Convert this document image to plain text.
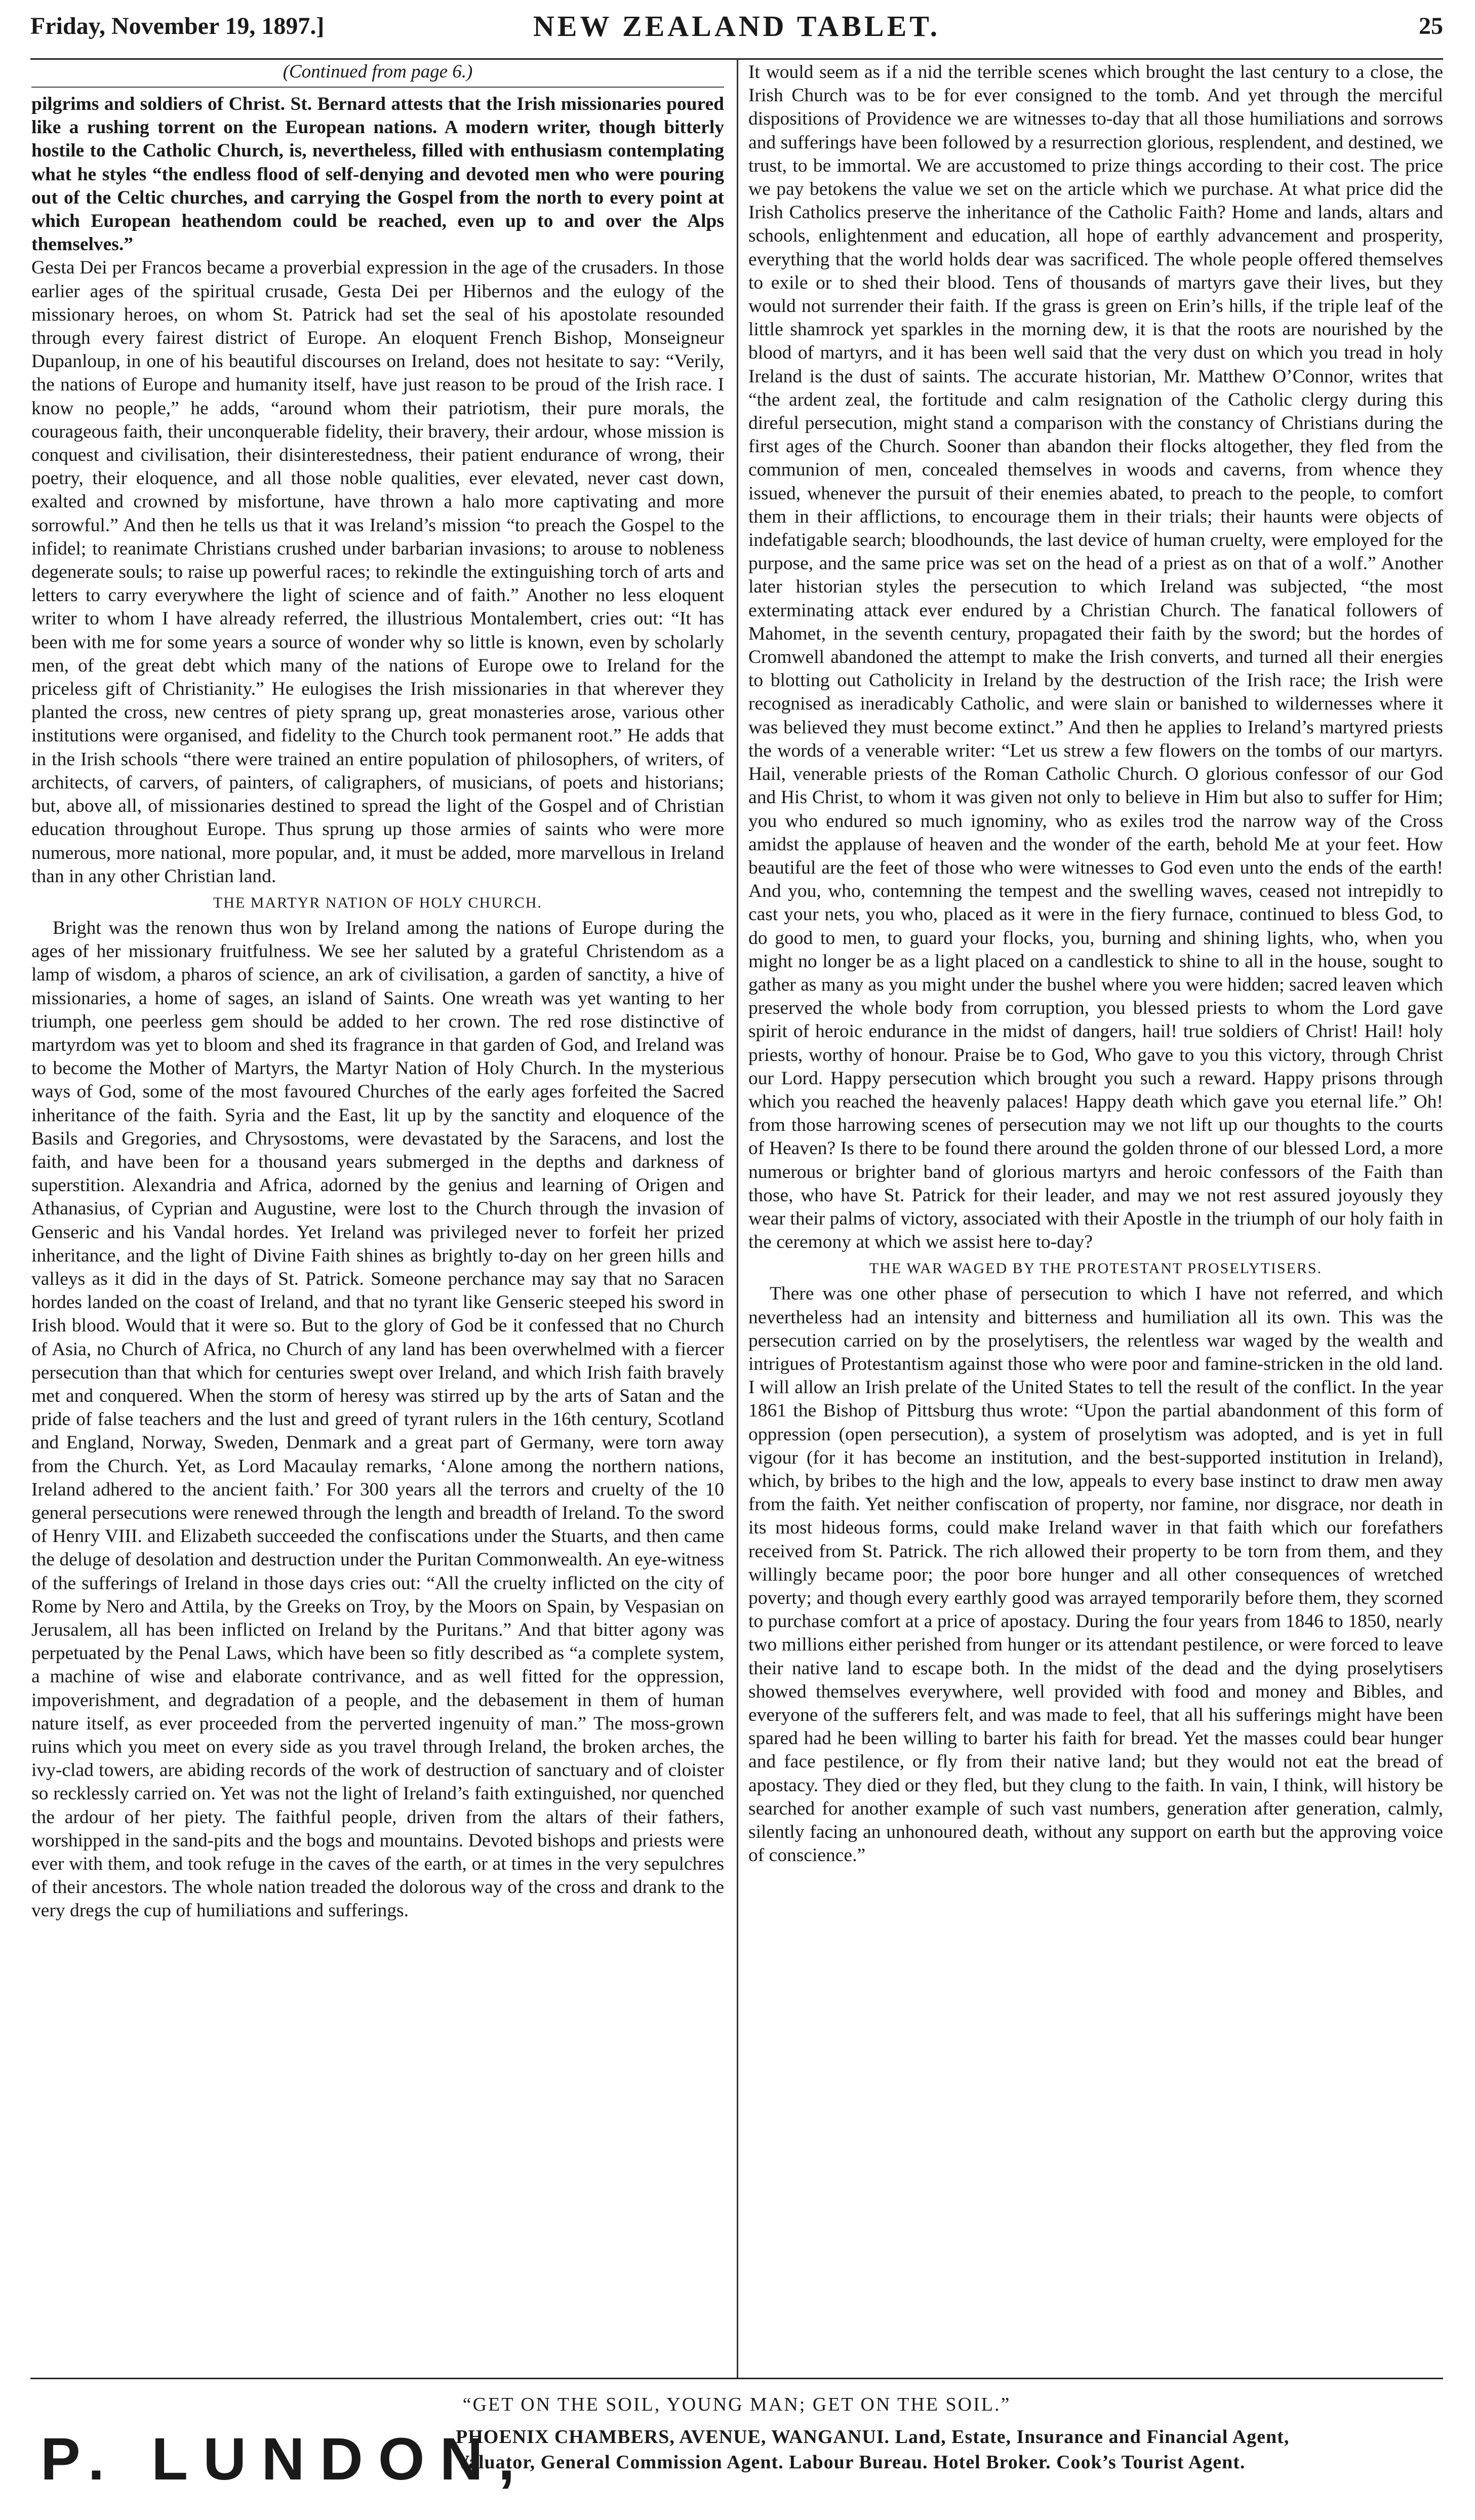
Friday, November 19, 1897.]	NEW ZEALAND TABLET.	25
(Continued from page 6.)

pilgrims and soldiers of Christ. St. Bernard attests that the Irish missionaries poured like a rushing torrent on the European nations. A modern writer, though bitterly hostile to the Catholic Church, is, nevertheless, filled with enthusiasm contemplating what he styles “the endless flood of self-denying and devoted men who were pouring out of the Celtic churches, and carrying the Gospel from the north to every point at which European heathendom could be reached, even up to and over the Alps themselves.”

Gesta Dei per Francos became a proverbial expression in the age of the crusaders. In those earlier ages of the spiritual crusade, Gesta Dei per Hibernos and the eulogy of the missionary heroes, on whom St. Patrick had set the seal of his apostolate resounded through every fairest district of Europe. An eloquent French Bishop, Monseigneur Dupanloup, in one of his beautiful discourses on Ireland, does not hesitate to say: “Verily, the nations of Europe and humanity itself, have just reason to be proud of the Irish race. I know no people,” he adds, “around whom their patriotism, their pure morals, the courageous faith, their unconquerable fidelity, their bravery, their ardour, whose mission is conquest and civilisation, their disinterestedness, their patient endurance of wrong, their poetry, their eloquence, and all those noble qualities, ever elevated, never cast down, exalted and crowned by misfortune, have thrown a halo more captivating and more sorrowful.” And then he tells us that it was Ireland’s mission “to preach the Gospel to the infidel; to reanimate Christians crushed under barbarian invasions; to arouse to nobleness degenerate souls; to raise up powerful races; to rekindle the extinguishing torch of arts and letters to carry everywhere the light of science and of faith.” Another no less eloquent writer to whom I have already referred, the illustrious Montalembert, cries out: “It has been with me for some years a source of wonder why so little is known, even by scholarly men, of the great debt which many of the nations of Europe owe to Ireland for the priceless gift of Christianity.” He eulogises the Irish missionaries in that wherever they planted the cross, new centres of piety sprang up, great monasteries arose, various other institutions were organised, and fidelity to the Church took permanent root.” He adds that in the Irish schools “there were trained an entire population of philosophers, of writers, of architects, of carvers, of painters, of caligraphers, of musicians, of poets and historians; but, above all, of missionaries destined to spread the light of the Gospel and of Christian education throughout Europe. Thus sprung up those armies of saints who were more numerous, more national, more popular, and, it must be added, more marvellous in Ireland than in any other Christian land.

THE MARTYR NATION OF HOLY CHURCH.

Bright was the renown thus won by Ireland among the nations of Europe during the ages of her missionary fruitfulness. We see her saluted by a grateful Christendom as a lamp of wisdom, a pharos of science, an ark of civilisation, a garden of sanctity, a hive of missionaries, a home of sages, an island of Saints. One wreath was yet wanting to her triumph, one peerless gem should be added to her crown. The red rose distinctive of martyrdom was yet to bloom and shed its fragrance in that garden of God, and Ireland was to become the Mother of Martyrs, the Martyr Nation of Holy Church. In the mysterious ways of God, some of the most favoured Churches of the early ages forfeited the Sacred inheritance of the faith. Syria and the East, lit up by the sanctity and eloquence of the Basils and Gregories, and Chrysostoms, were devastated by the Saracens, and lost the faith, and have been for a thousand years submerged in the depths and darkness of superstition. Alexandria and Africa, adorned by the genius and learning of Origen and Athanasius, of Cyprian and Augustine, were lost to the Church through the invasion of Genseric and his Vandal hordes. Yet Ireland was privileged never to forfeit her prized inheritance, and the light of Divine Faith shines as brightly to-day on her green hills and valleys as it did in the days of St. Patrick. Someone perchance may say that no Saracen hordes landed on the coast of Ireland, and that no tyrant like Genseric steeped his sword in Irish blood. Would that it were so. But to the glory of God be it confessed that no Church of Asia, no Church of Africa, no Church of any land has been overwhelmed with a fiercer persecution than that which for centuries swept over Ireland, and which Irish faith bravely met and conquered. When the storm of heresy was stirred up by the arts of Satan and the pride of false teachers and the lust and greed of tyrant rulers in the 16th century, Scotland and England, Norway, Sweden, Denmark and a great part of Germany, were torn away from the Church. Yet, as Lord Macaulay remarks, ‘Alone among the northern nations, Ireland adhered to the ancient faith.’ For 300 years all the terrors and cruelty of the 10 general persecutions were renewed through the length and breadth of Ireland. To the sword of Henry VIII. and Elizabeth succeeded the confiscations under the Stuarts, and then came the deluge of desolation and destruction under the Puritan Commonwealth. An eye-witness of the sufferings of Ireland in those days cries out: “All the cruelty inflicted on the city of Rome by Nero and Attila, by the Greeks on Troy, by the Moors on Spain, by Vespasian on Jerusalem, all has been inflicted on Ireland by the Puritans.” And that bitter agony was perpetuated by the Penal Laws, which have been so fitly described as “a complete system, a machine of wise and elaborate contrivance, and as well fitted for the oppression, impoverishment, and degradation of a people, and the debasement in them of human nature itself, as ever proceeded from the perverted ingenuity of man.” The moss-grown ruins which you meet on every side as you travel through Ireland, the broken arches, the ivy-clad towers, are abiding records of the work of destruction of sanctuary and of cloister so recklessly carried on. Yet was not the light of Ireland’s faith extinguished, nor quenched the ardour of her piety. The faithful people, driven from the altars of their fathers, worshipped in the sand-pits and the bogs and mountains. Devoted bishops and priests were ever with them, and took refuge in the caves of the earth, or at times in the very sepulchres of their ancestors. The whole nation treaded the dolorous way of the cross and drank to the very dregs the cup of humiliations and sufferings.

It would seem as if a nid the terrible scenes which brought the last century to a close, the Irish Church was to be for ever consigned to the tomb. And yet through the merciful dispositions of Providence we are witnesses to-day that all those humiliations and sorrows and sufferings have been followed by a resurrection glorious, resplendent, and destined, we trust, to be immortal. We are accustomed to prize things according to their cost. The price we pay betokens the value we set on the article which we purchase. At what price did the Irish Catholics preserve the inheritance of the Catholic Faith? Home and lands, altars and schools, enlightenment and education, all hope of earthly advancement and prosperity, everything that the world holds dear was sacrificed. The whole people offered themselves to exile or to shed their blood. Tens of thousands of martyrs gave their lives, but they would not surrender their faith. If the grass is green on Erin’s hills, if the triple leaf of the little shamrock yet sparkles in the morning dew, it is that the roots are nourished by the blood of martyrs, and it has been well said that the very dust on which you tread in holy Ireland is the dust of saints. The accurate historian, Mr. Matthew O’Connor, writes that “the ardent zeal, the fortitude and calm resignation of the Catholic clergy during this direful persecution, might stand a comparison with the constancy of Christians during the first ages of the Church. Sooner than abandon their flocks altogether, they fled from the communion of men, concealed themselves in woods and caverns, from whence they issued, whenever the pursuit of their enemies abated, to preach to the people, to comfort them in their afflictions, to encourage them in their trials; their haunts were objects of indefatigable search; bloodhounds, the last device of human cruelty, were employed for the purpose, and the same price was set on the head of a priest as on that of a wolf.” Another later historian styles the persecution to which Ireland was subjected, “the most exterminating attack ever endured by a Christian Church. The fanatical followers of Mahomet, in the seventh century, propagated their faith by the sword; but the hordes of Cromwell abandoned the attempt to make the Irish converts, and turned all their energies to blotting out Catholicity in Ireland by the destruction of the Irish race; the Irish were recognised as ineradicably Catholic, and were slain or banished to wildernesses where it was believed they must become extinct.” And then he applies to Ireland’s martyred priests the words of a venerable writer: “Let us strew a few flowers on the tombs of our martyrs. Hail, venerable priests of the Roman Catholic Church. O glorious confessor of our God and His Christ, to whom it was given not only to believe in Him but also to suffer for Him; you who endured so much ignominy, who as exiles trod the narrow way of the Cross amidst the applause of heaven and the wonder of the earth, behold Me at your feet. How beautiful are the feet of those who were witnesses to God even unto the ends of the earth! And you, who, contemning the tempest and the swelling waves, ceased not intrepidly to cast your nets, you who, placed as it were in the fiery furnace, continued to bless God, to do good to men, to guard your flocks, you, burning and shining lights, who, when you might no longer be as a light placed on a candlestick to shine to all in the house, sought to gather as many as you might under the bushel where you were hidden; sacred leaven which preserved the whole body from corruption, you blessed priests to whom the Lord gave spirit of heroic endurance in the midst of dangers, hail! true soldiers of Christ! Hail! holy priests, worthy of honour. Praise be to God, Who gave to you this victory, through Christ our Lord. Happy persecution which brought you such a reward. Happy prisons through which you reached the heavenly palaces! Happy death which gave you eternal life.” Oh! from those harrowing scenes of persecution may we not lift up our thoughts to the courts of Heaven? Is there to be found there around the golden throne of our blessed Lord, a more numerous or brighter band of glorious martyrs and heroic confessors of the Faith than those, who have St. Patrick for their leader, and may we not rest assured joyously they wear their palms of victory, associated with their Apostle in the triumph of our holy faith in the ceremony at which we assist here to-day?

THE WAR WAGED BY THE PROTESTANT PROSELYTISERS.

There was one other phase of persecution to which I have not referred, and which nevertheless had an intensity and bitterness and humiliation all its own. This was the persecution carried on by the proselytisers, the relentless war waged by the wealth and intrigues of Protestantism against those who were poor and famine-stricken in the old land. I will allow an Irish prelate of the United States to tell the result of the conflict. In the year 1861 the Bishop of Pittsburg thus wrote: “Upon the partial abandonment of this form of oppression (open persecution), a system of proselytism was adopted, and is yet in full vigour (for it has become an institution, and the best-supported institution in Ireland), which, by bribes to the high and the low, appeals to every base instinct to draw men away from the faith. Yet neither confiscation of property, nor famine, nor disgrace, nor death in its most hideous forms, could make Ireland waver in that faith which our forefathers received from St. Patrick. The rich allowed their property to be torn from them, and they willingly became poor; the poor bore hunger and all other consequences of wretched poverty; and though every earthly good was arrayed temporarily before them, they scorned to purchase comfort at a price of apostacy. During the four years from 1846 to 1850, nearly two millions either perished from hunger or its attendant pestilence, or were forced to leave their native land to escape both. In the midst of the dead and the dying proselytisers showed themselves everywhere, well provided with food and money and Bibles, and everyone of the sufferers felt, and was made to feel, that all his sufferings might have been spared had he been willing to barter his faith for bread. Yet the masses could bear hunger and face pestilence, or fly from their native land; but they would not eat the bread of apostacy. They died or they fled, but they clung to the faith. In vain, I think, will history be searched for another example of such vast numbers, generation after generation, calmly, silently facing an unhonoured death, without any support on earth but the approving voice of conscience.”

“GET ON THE SOIL, YOUNG MAN; GET ON THE SOIL.”
P. LUNDON,
PHOENIX CHAMBERS, AVENUE, WANGANUI. Land, Estate, Insurance and Financial Agent,
Valuator, General Commission Agent. Labour Bureau. Hotel Broker. Cook’s Tourist Agent.
